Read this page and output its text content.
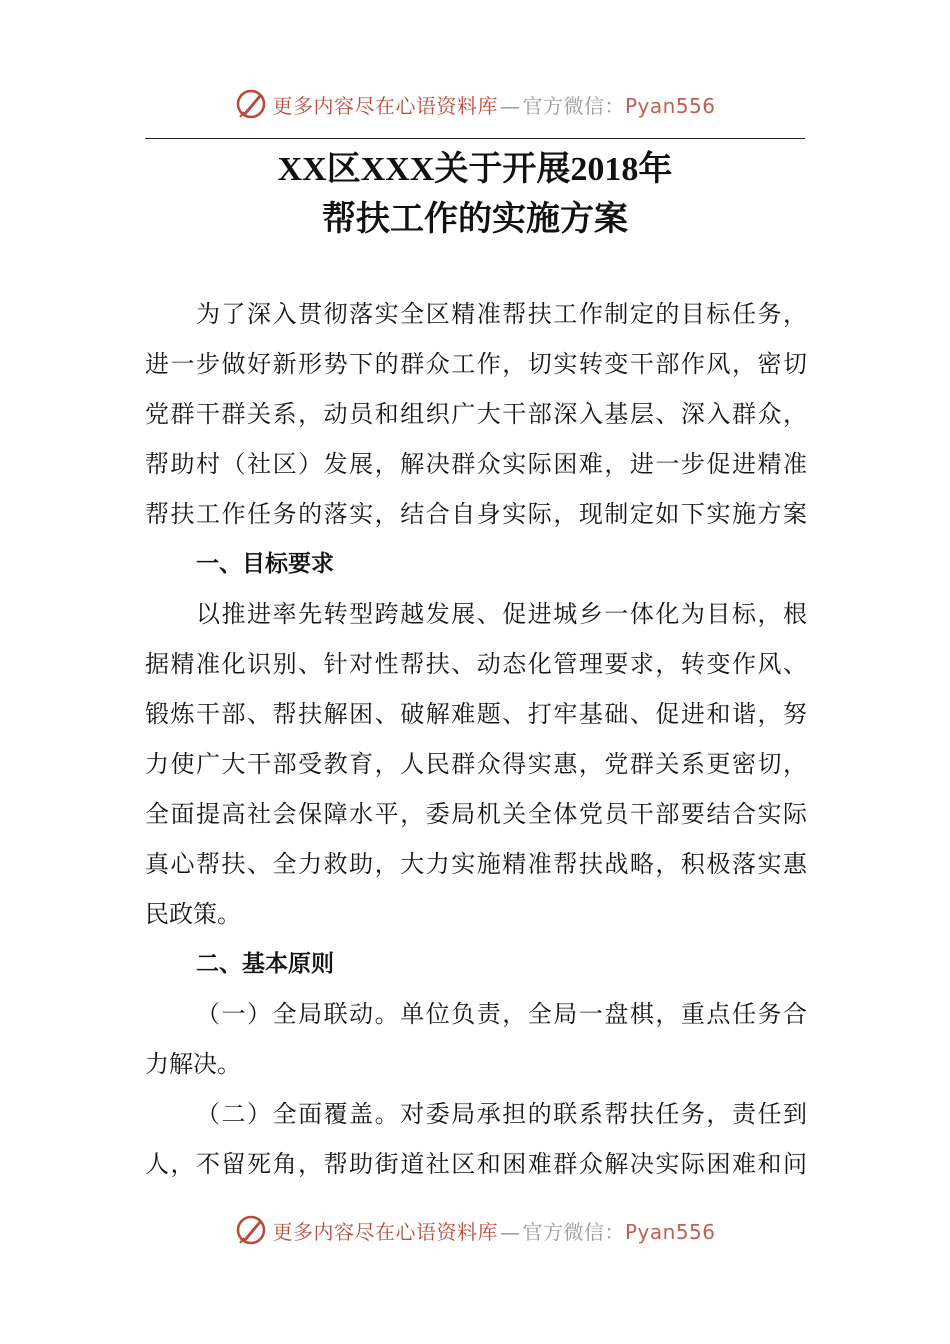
更多内容尽在心语资料库 — 官方微信：Pyan556
XX区XXX关于开展2018年
帮扶工作的实施方案
为了深入贯彻落实全区精准帮扶工作制定的目标任务，
进一步做好新形势下的群众工作，切实转变干部作风，密切
党群干群关系，动员和组织广大干部深入基层、深入群众，
帮助村（社区）发展，解决群众实际困难，进一步促进精准
帮扶工作任务的落实，结合自身实际，现制定如下实施方案
一、目标要求
以推进率先转型跨越发展、促进城乡一体化为目标，根
据精准化识别、针对性帮扶、动态化管理要求，转变作风、
锻炼干部、帮扶解困、破解难题、打牢基础、促进和谐，努
力使广大干部受教育，人民群众得实惠，党群关系更密切，
全面提高社会保障水平，委局机关全体党员干部要结合实际
真心帮扶、全力救助，大力实施精准帮扶战略，积极落实惠
民政策。
二、基本原则
（一）全局联动。单位负责，全局一盘棋，重点任务合
力解决。
（二）全面覆盖。对委局承担的联系帮扶任务，责任到
人，不留死角，帮助街道社区和困难群众解决实际困难和问
更多内容尽在心语资料库 — 官方微信：Pyan556
